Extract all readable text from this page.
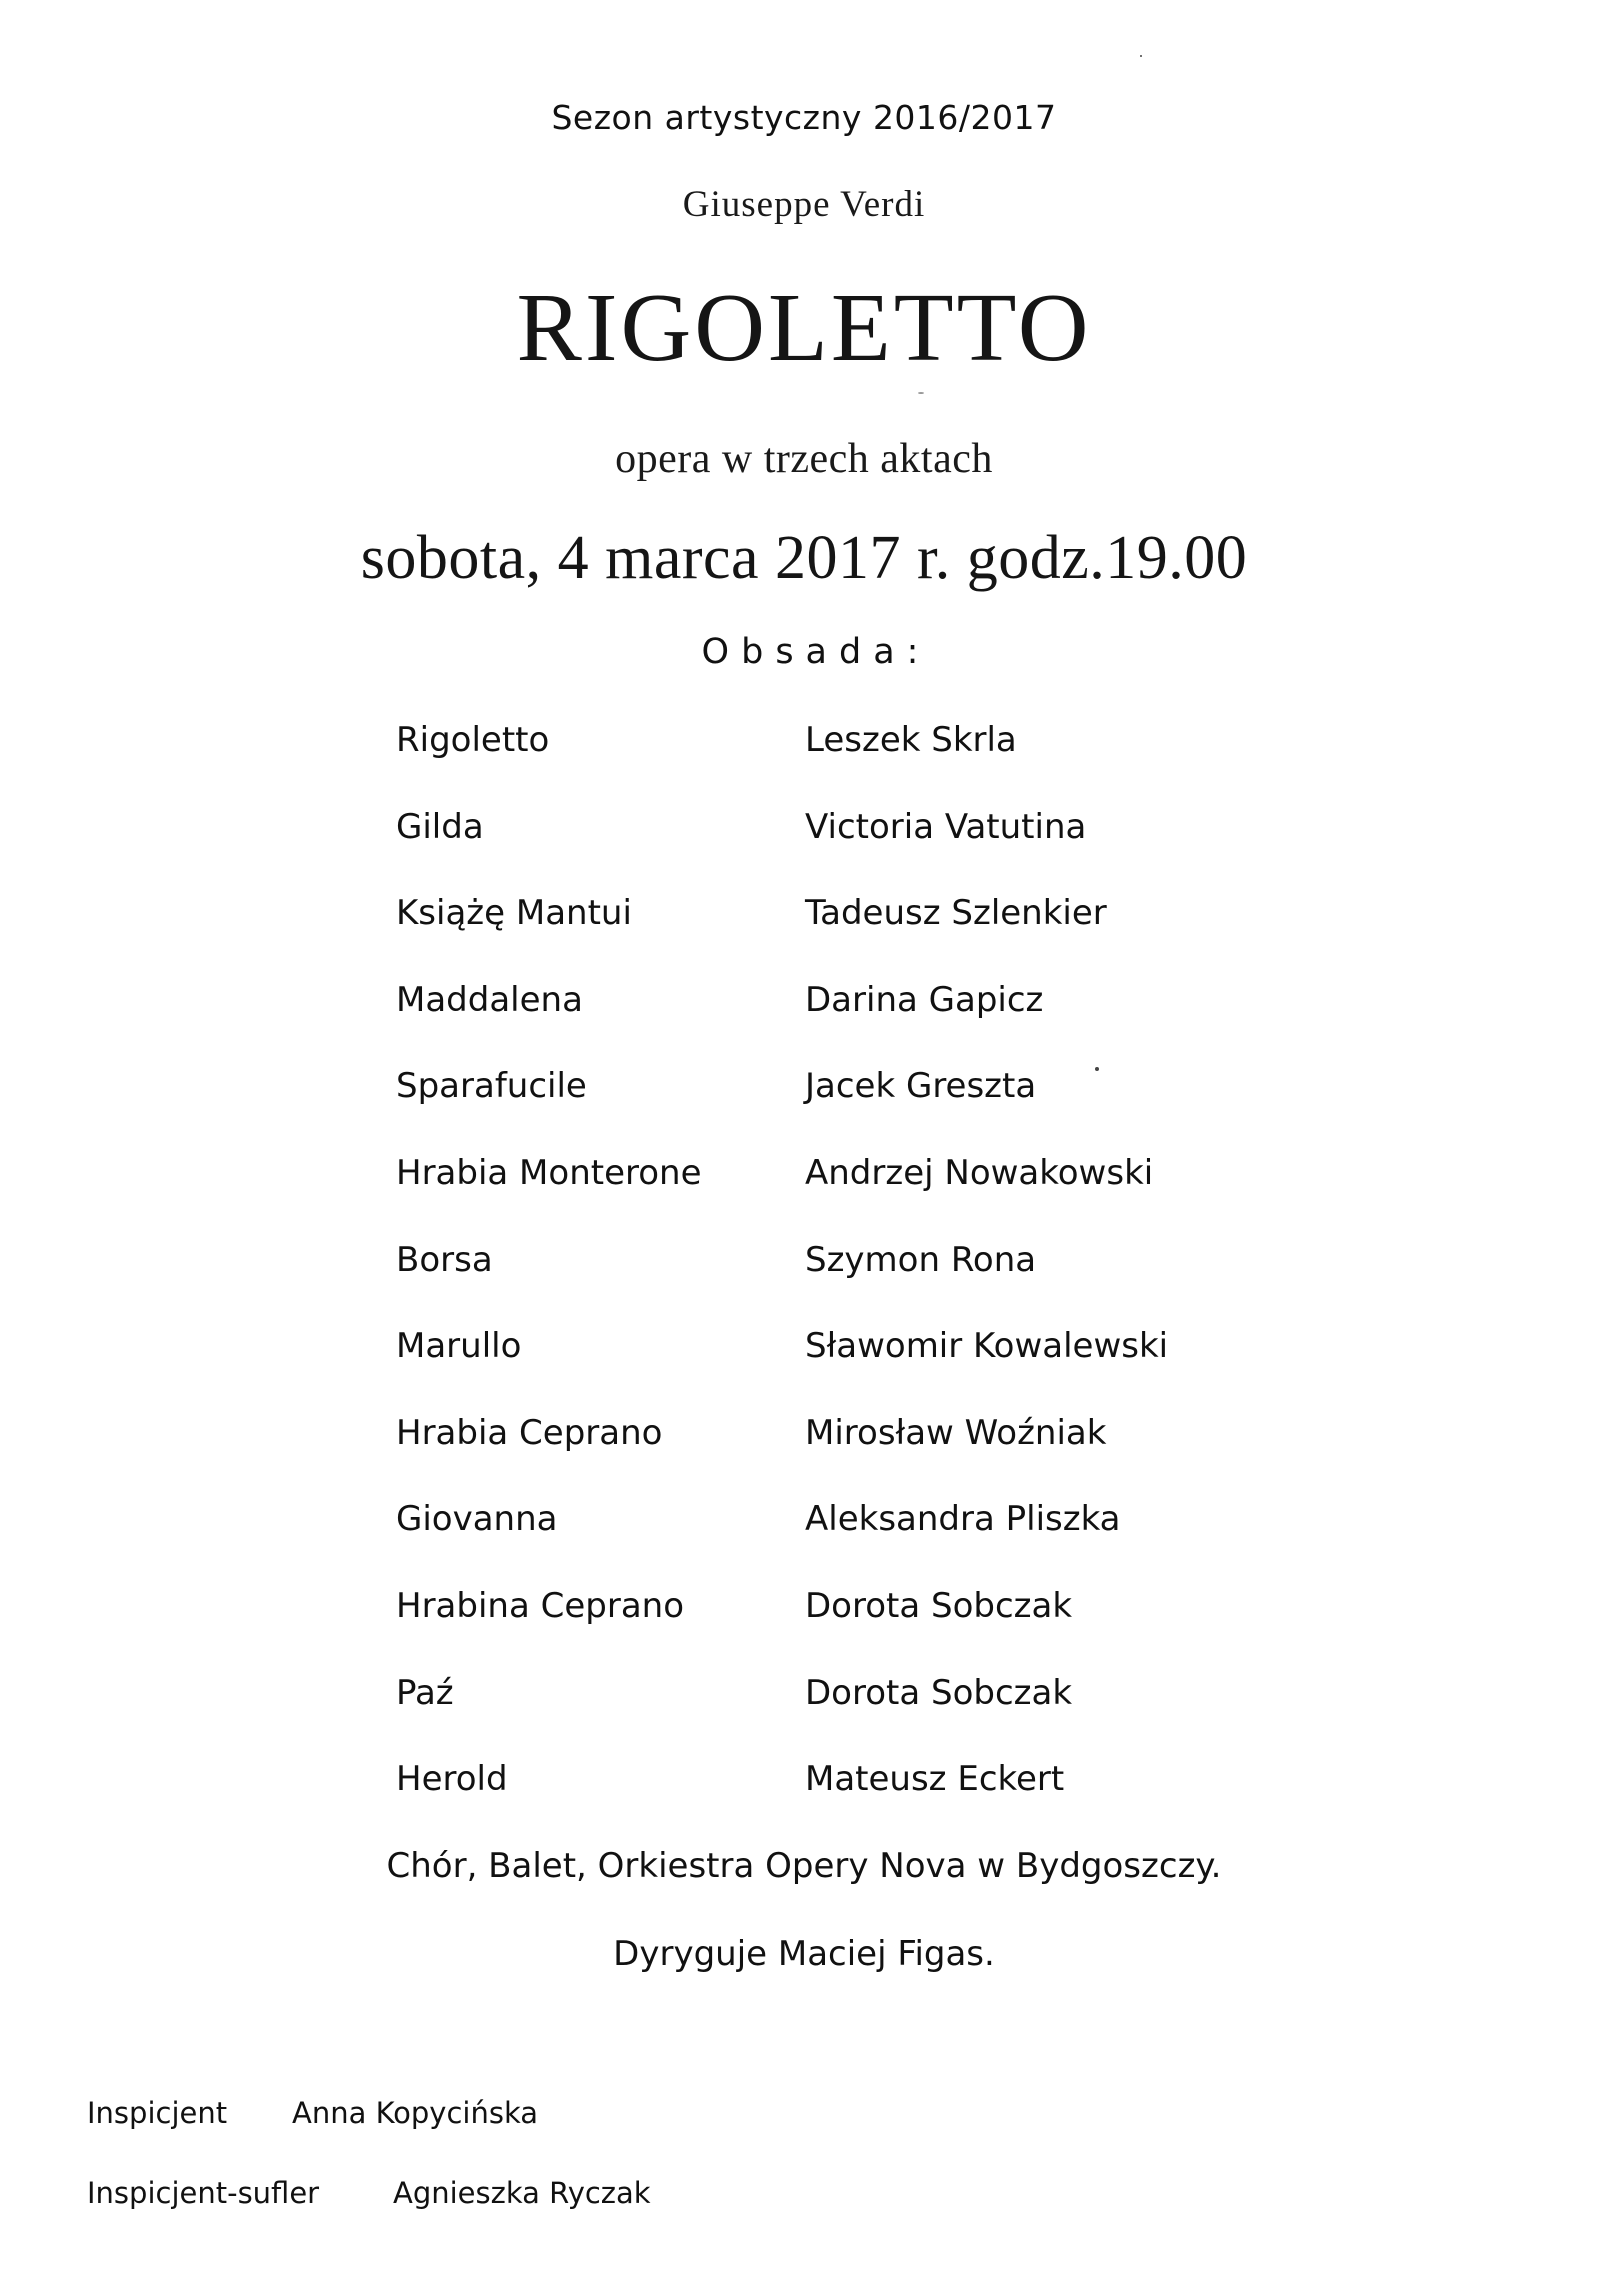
Sezon artystyczny 2016/2017
Giuseppe Verdi
RIGOLETTO
opera w trzech aktach
sobota, 4 marca 2017 r. godz.19.00
Obsada:
Rigoletto	Leszek Skrla
Gilda	Victoria Vatutina
Książę Mantui	Tadeusz Szlenkier
Maddalena	Darina Gapicz
Sparafucile	Jacek Greszta
Hrabia Monterone	Andrzej Nowakowski
Borsa	Szymon Rona
Marullo	Sławomir Kowalewski
Hrabia Ceprano	Mirosław Woźniak
Giovanna	Aleksandra Pliszka
Hrabina Ceprano	Dorota Sobczak
Paź	Dorota Sobczak
Herold	Mateusz Eckert
Chór, Balet, Orkiestra Opery Nova w Bydgoszczy.
Dyryguje Maciej Figas.
Inspicjent Anna Kopycińska
Inspicjent-sufler	Agnieszka Ryczak
